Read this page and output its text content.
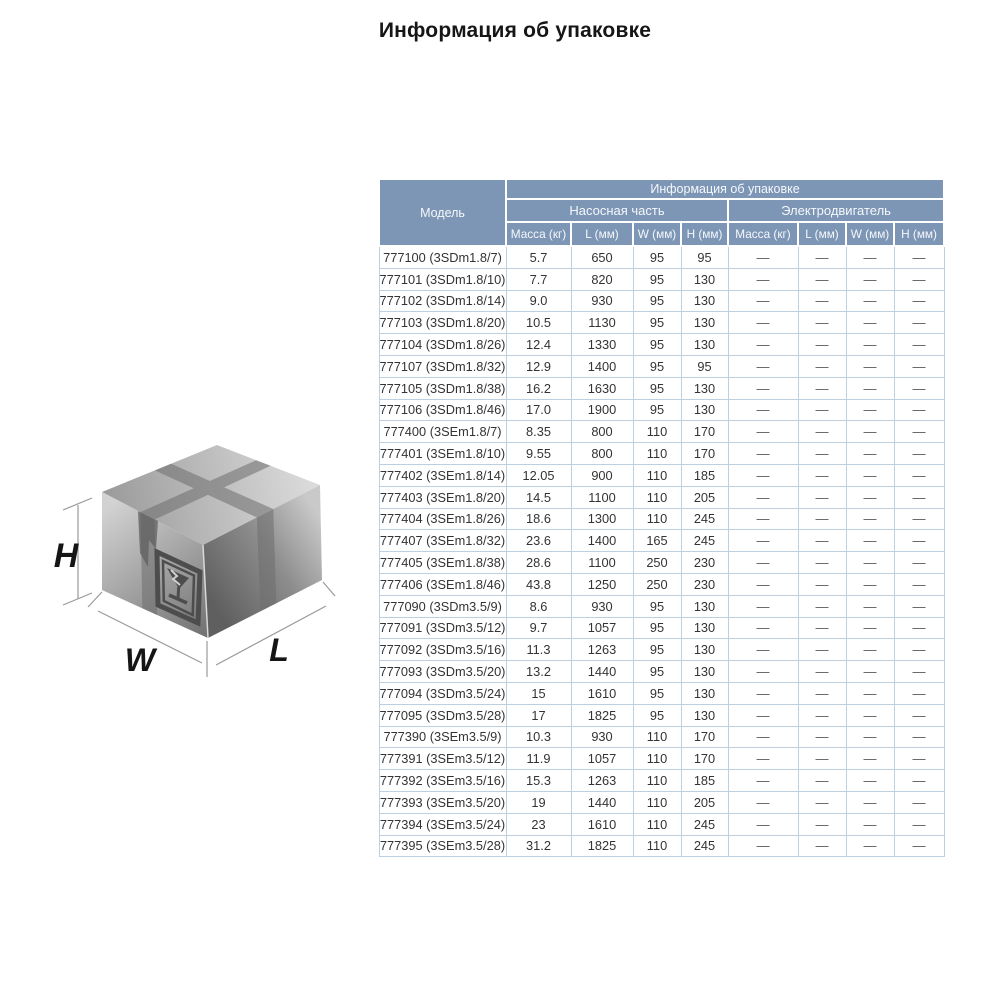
Информация об упаковке
H
W	L
Модель	Информация об упаковке							
	Насосная часть				Электродвигатель			
	Масса (кг)	L (мм)	W (мм)	Н (мм)	Масса (кг)	L (мм)	W (мм)	Н (мм)
777100 (3SDm1.8/7)	5.7	650	95	95	—	—	—	—
777101 (3SDm1.8/10)	7.7	820	95	130	—	—	—	—
777102 (3SDm1.8/14)	9.0	930	95	130	—	—	—	—
777103 (3SDm1.8/20)	10.5	1130	95	130	—	—	—	—
777104 (3SDm1.8/26)	12.4	1330	95	130	—	—	—	—
777107 (3SDm1.8/32)	12.9	1400	95	95	—	—	—	—
777105 (3SDm1.8/38)	16.2	1630	95	130	—	—	—	—
777106 (3SDm1.8/46)	17.0	1900	95	130	—	—	—	—
777400 (3SEm1.8/7)	8.35	800	110	170	—	—	—	—
777401 (3SEm1.8/10)	9.55	800	110	170	—	—	—	—
777402 (3SEm1.8/14)	12.05	900	110	185	—	—	—	—
777403 (3SEm1.8/20)	14.5	1100	110	205	—	—	—	—
777404 (3SEm1.8/26)	18.6	1300	110	245	—	—	—	—
777407 (3SEm1.8/32)	23.6	1400	165	245	—	—	—	—
777405 (3SEm1.8/38)	28.6	1100	250	230	—	—	—	—
777406 (3SEm1.8/46)	43.8	1250	250	230	—	—	—	—
777090 (3SDm3.5/9)	8.6	930	95	130	—	—	—	—
777091 (3SDm3.5/12)	9.7	1057	95	130	—	—	—	—
777092 (3SDm3.5/16)	11.3	1263	95	130	—	—	—	—
777093 (3SDm3.5/20)	13.2	1440	95	130	—	—	—	—
777094 (3SDm3.5/24)	15	1610	95	130	—	—	—	—
777095 (3SDm3.5/28)	17	1825	95	130	—	—	—	—
777390 (3SEm3.5/9)	10.3	930	110	170	—	—	—	—
777391 (3SEm3.5/12)	11.9	1057	110	170	—	—	—	—
777392 (3SEm3.5/16)	15.3	1263	110	185	—	—	—	—
777393 (3SEm3.5/20)	19	1440	110	205	—	—	—	—
777394 (3SEm3.5/24)	23	1610	110	245	—	—	—	—
777395 (3SEm3.5/28)	31.2	1825	110	245	—	—	—	—
